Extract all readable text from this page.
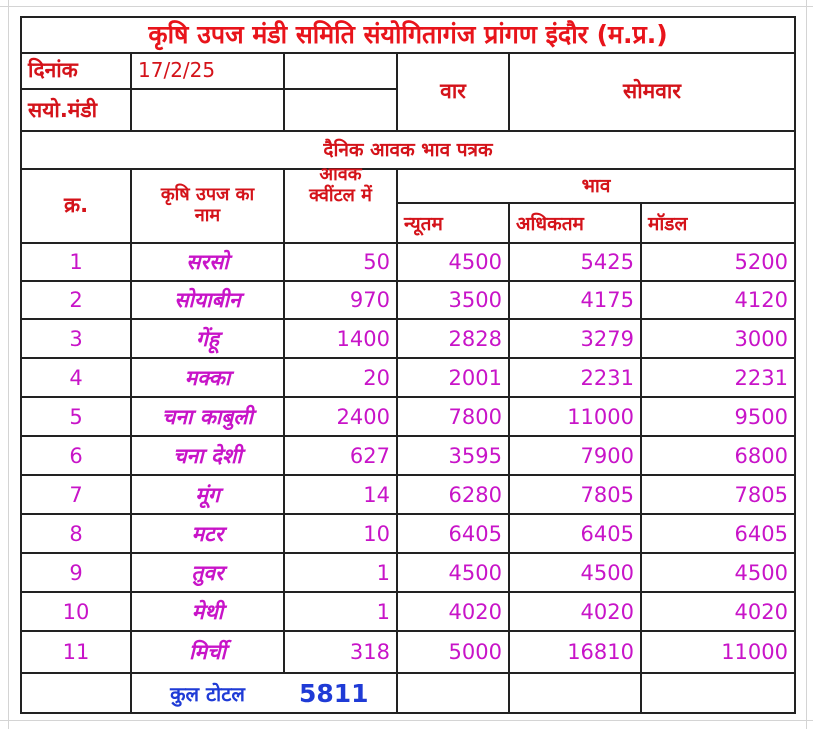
कृषि उपज मंडी समिति संयोगितागंज प्रांगण इंदौर (म.प्र.)
दिनांक	17/2/25
सयो.मंडी
वार	सोमवार
दैनिक आवक भाव पत्रक
क्र.	कृषि उपज का नाम
आवक क्वींटल में	भाव
न्यूतम	अधिकतम	मॉडल
1	सरसो	50	4500	5425	5200
2	सोयाबीन	970	3500	4175	4120
3	गेंहू	1400	2828	3279	3000
4	मक्का	20	2001	2231	2231
5	चना काबुली	2400	7800	11000	9500
6	चना देशी	627	3595	7900	6800
7	मूंग	14	6280	7805	7805
8	मटर	10	6405	6405	6405
9	तुवर	1	4500	4500	4500
10	मेथी	1	4020	4020	4020
11	मिर्ची	318	5000	16810	11000
कुल टोटल	5811
